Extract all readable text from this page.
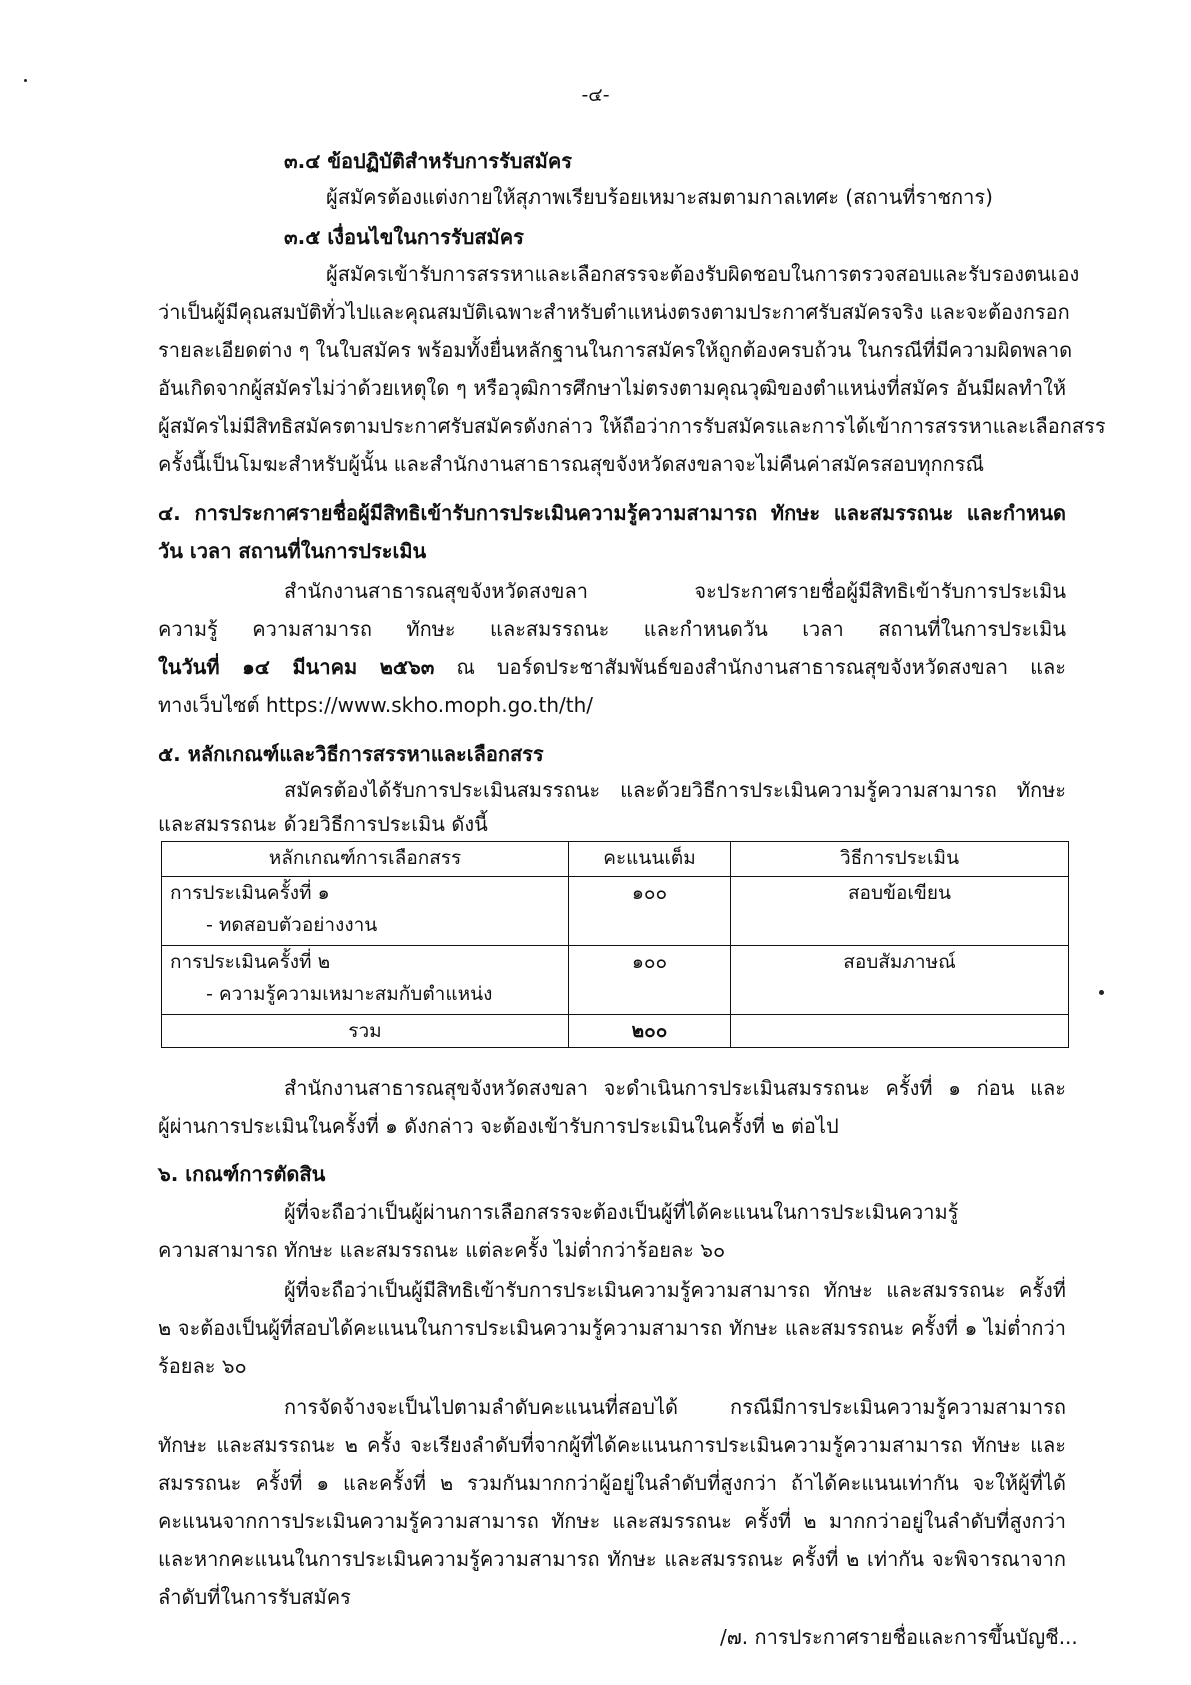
-๔-
๓.๔ ข้อปฏิบัติสำหรับการรับสมัคร
ผู้สมัครต้องแต่งกายให้สุภาพเรียบร้อยเหมาะสมตามกาลเทศะ (สถานที่ราชการ)
๓.๕ เงื่อนไขในการรับสมัคร
ผู้สมัครเข้ารับการสรรหาและเลือกสรรจะต้องรับผิดชอบในการตรวจสอบและรับรองตนเอง
ว่าเป็นผู้มีคุณสมบัติทั่วไปและคุณสมบัติเฉพาะสำหรับตำแหน่งตรงตามประกาศรับสมัครจริง และจะต้องกรอก
รายละเอียดต่าง ๆ ในใบสมัคร พร้อมทั้งยื่นหลักฐานในการสมัครให้ถูกต้องครบถ้วน ในกรณีที่มีความผิดพลาด
อันเกิดจากผู้สมัครไม่ว่าด้วยเหตุใด ๆ หรือวุฒิการศึกษาไม่ตรงตามคุณวุฒิของตำแหน่งที่สมัคร อันมีผลทำให้
ผู้สมัครไม่มีสิทธิสมัครตามประกาศรับสมัครดังกล่าว ให้ถือว่าการรับสมัครและการได้เข้าการสรรหาและเลือกสรร
ครั้งนี้เป็นโมฆะสำหรับผู้นั้น และสำนักงานสาธารณสุขจังหวัดสงขลาจะไม่คืนค่าสมัครสอบทุกกรณี
๔. การประกาศรายชื่อผู้มีสิทธิเข้ารับการประเมินความรู้ความสามารถ ทักษะ และสมรรถนะ และกำหนด
วัน เวลา สถานที่ในการประเมิน
สำนักงานสาธารณสุขจังหวัดสงขลา จะประกาศรายชื่อผู้มีสิทธิเข้ารับการประเมิน
ความรู้ ความสามารถ ทักษะ และสมรรถนะ และกำหนดวัน เวลา สถานที่ในการประเมิน
ในวันที่ ๑๔ มีนาคม ๒๕๖๓ ณ บอร์ดประชาสัมพันธ์ของสำนักงานสาธารณสุขจังหวัดสงขลา และ
ทางเว็บไซต์ https://www.skho.moph.go.th/th/
๕. หลักเกณฑ์และวิธีการสรรหาและเลือกสรร
สมัครต้องได้รับการประเมินสมรรถนะ และด้วยวิธีการประเมินความรู้ความสามารถ ทักษะ
และสมรรถนะ ด้วยวิธีการประเมิน ดังนี้
หลักเกณฑ์การเลือกสรร	คะแนนเต็ม	วิธีการประเมิน
การประเมินครั้งที่ ๑
- ทดสอบตัวอย่างงาน	๑๐๐	สอบข้อเขียน
การประเมินครั้งที่ ๒
- ความรู้ความเหมาะสมกับตำแหน่ง	๑๐๐	สอบสัมภาษณ์
รวม	๒๐๐	
สำนักงานสาธารณสุขจังหวัดสงขลา จะดำเนินการประเมินสมรรถนะ ครั้งที่ ๑ ก่อน และ
ผู้ผ่านการประเมินในครั้งที่ ๑ ดังกล่าว จะต้องเข้ารับการประเมินในครั้งที่ ๒ ต่อไป
๖. เกณฑ์การตัดสิน
ผู้ที่จะถือว่าเป็นผู้ผ่านการเลือกสรรจะต้องเป็นผู้ที่ได้คะแนนในการประเมินความรู้
ความสามารถ ทักษะ และสมรรถนะ แต่ละครั้ง ไม่ต่ำกว่าร้อยละ ๖๐
ผู้ที่จะถือว่าเป็นผู้มีสิทธิเข้ารับการประเมินความรู้ความสามารถ ทักษะ และสมรรถนะ ครั้งที่
๒ จะต้องเป็นผู้ที่สอบได้คะแนนในการประเมินความรู้ความสามารถ ทักษะ และสมรรถนะ ครั้งที่ ๑ ไม่ต่ำกว่า
ร้อยละ ๖๐
การจัดจ้างจะเป็นไปตามลำดับคะแนนที่สอบได้ กรณีมีการประเมินความรู้ความสามารถ
ทักษะ และสมรรถนะ ๒ ครั้ง จะเรียงลำดับที่จากผู้ที่ได้คะแนนการประเมินความรู้ความสามารถ ทักษะ และ
สมรรถนะ ครั้งที่ ๑ และครั้งที่ ๒ รวมกันมากกว่าผู้อยู่ในลำดับที่สูงกว่า ถ้าได้คะแนนเท่ากัน จะให้ผู้ที่ได้
คะแนนจากการประเมินความรู้ความสามารถ ทักษะ และสมรรถนะ ครั้งที่ ๒ มากกว่าอยู่ในลำดับที่สูงกว่า
และหากคะแนนในการประเมินความรู้ความสามารถ ทักษะ และสมรรถนะ ครั้งที่ ๒ เท่ากัน จะพิจารณาจาก
ลำดับที่ในการรับสมัคร
/๗. การประกาศรายชื่อและการขึ้นบัญชี...
